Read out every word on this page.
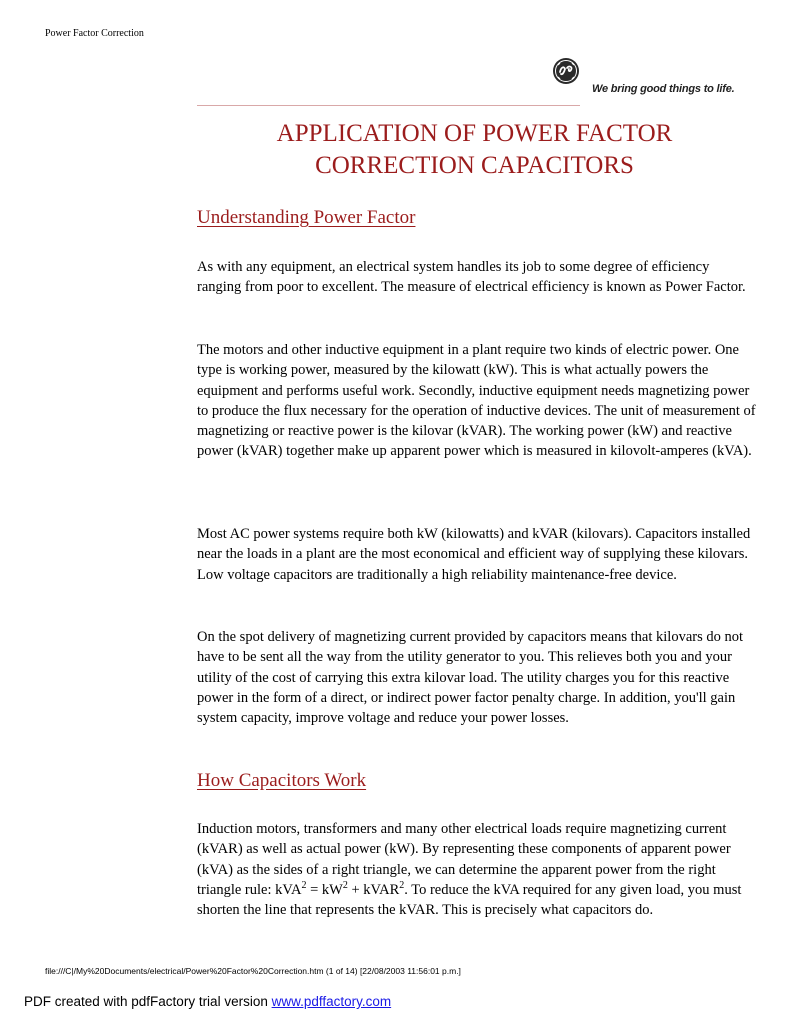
Power Factor Correction
We bring good things to life.
APPLICATION OF POWER FACTOR
CORRECTION CAPACITORS
Understanding Power Factor

As with any equipment, an electrical system handles its job to some degree of efficiency ranging from poor to excellent. The measure of electrical efficiency is known as Power Factor.

The motors and other inductive equipment in a plant require two kinds of electric power. One type is working power, measured by the kilowatt (kW). This is what actually powers the equipment and performs useful work. Secondly, inductive equipment needs magnetizing power to produce the flux necessary for the operation of inductive devices. The unit of measurement of magnetizing or reactive power is the kilovar (kVAR). The working power (kW) and reactive power (kVAR) together make up apparent power which is measured in kilovolt-amperes (kVA).

Most AC power systems require both kW (kilowatts) and kVAR (kilovars). Capacitors installed near the loads in a plant are the most economical and efficient way of supplying these kilovars. Low voltage capacitors are traditionally a high reliability maintenance-free device.

On the spot delivery of magnetizing current provided by capacitors means that kilovars do not have to be sent all the way from the utility generator to you. This relieves both you and your utility of the cost of carrying this extra kilovar load. The utility charges you for this reactive power in the form of a direct, or indirect power factor penalty charge. In addition, you'll gain system capacity, improve voltage and reduce your power losses.

How Capacitors Work

Induction motors, transformers and many other electrical loads require magnetizing current (kVAR) as well as actual power (kW). By representing these components of apparent power (kVA) as the sides of a right triangle, we can determine the apparent power from the right triangle rule: $kVA^2 = kW^2$ + kVAR$^2$. To reduce the kVA required for any given load, you must shorten the line that represents the kVAR. This is precisely what capacitors do.

file:///C|/My%20Documents/electrical/Power%20Factor%20Correction.htm (1 of 14) [22/08/2003 11:56:01 p.m.]
PDF created with pdfFactory trial version www.pdffactory.com
